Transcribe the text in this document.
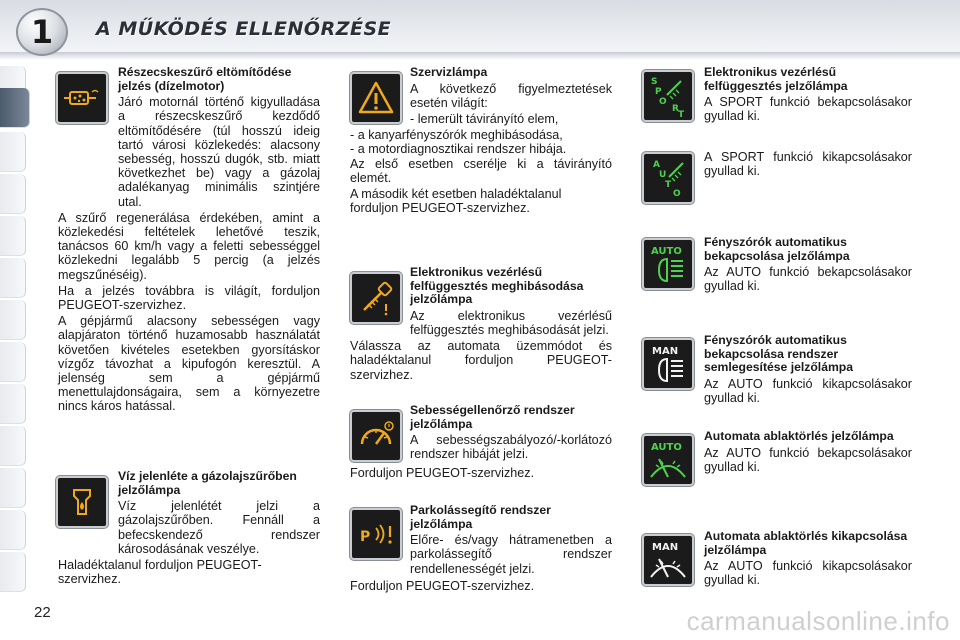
1	A MŰKÖDÉS ELLENŐRZÉSE
Részecskeszűrő eltömítődése jelzés (dízelmotor)
Járó motornál történő kigyulladása a részecskeszűrő kezdődő eltömítődésére (túl hosszú ideig tartó városi közlekedés: alacsony sebesség, hosszú dugók, stb. miatt következhet be) vagy a gázolaj adalékanyag minimális szintjére utal.
A szűrő regenerálása érdekében, amint a közlekedési feltételek lehetővé teszik, tanácsos 60 km/h vagy a feletti sebességgel közlekedni legalább 5 percig (a jelzés megszűnéséig).
Ha a jelzés továbbra is világít, forduljon PEUGEOT-szervizhez.
A gépjármű alacsony sebességen vagy alapjáraton történő huzamosabb használatát követően kivételes esetekben gyorsításkor vízgőz távozhat a kipufogón keresztül. A jelenség sem a gépjármű menettulajdonságaira, sem a környezetre nincs káros hatással.
Víz jelenléte a gázolajszűrőben jelzőlámpa
Víz jelenlétét jelzi a gázolajszűrőben. Fennáll a befecskendező rendszer károsodásának veszélye.
Haladéktalanul forduljon PEUGEOT-szervizhez.
Szervizlámpa
A következő figyelmeztetések esetén világít:
- lemerült távirányító elem,
- a kanyarfényszórók meghibásodása,
- a motordiagnosztikai rendszer hibája.
Az első esetben cserélje ki a távirányító elemét.
A második két esetben haladéktalanul forduljon PEUGEOT-szervizhez.
Elektronikus vezérlésű felfüggesztés meghibásodása jelzőlámpa
Az elektronikus vezérlésű felfüggesztés meghibásodását jelzi.
Válassza az automata üzemmódot és haladéktalanul forduljon PEUGEOT-szervizhez.
Sebességellenőrző rendszer jelzőlámpa
A sebességszabályozó/-korlátozó rendszer hibáját jelzi.
Forduljon PEUGEOT-szervizhez.
P
Parkolássegítő rendszer jelzőlámpa
Előre- és/vagy hátramenetben a parkolássegítő rendszer rendellenességét jelzi.
Forduljon PEUGEOT-szervizhez.
S
P
O
R
T
Elektronikus vezérlésű felfüggesztés jelzőlámpa
A SPORT funkció bekapcsolásakor gyullad ki.
A
U
T
O
A SPORT funkció kikapcsolásakor gyullad ki.
AUTO
Fényszórók automatikus bekapcsolása jelzőlámpa
Az AUTO funkció bekapcsolásakor gyullad ki.
MAN
Fényszórók automatikus bekapcsolása rendszer semlegesítése jelzőlámpa
Az AUTO funkció kikapcsolásakor gyullad ki.
AUTO
Automata ablaktörlés jelzőlámpa
Az AUTO funkció bekapcsolásakor gyullad ki.
MAN
Automata ablaktörlés kikapcsolása jelzőlámpa
Az AUTO funkció kikapcsolásakor gyullad ki.
22	carmanualsonline.info
